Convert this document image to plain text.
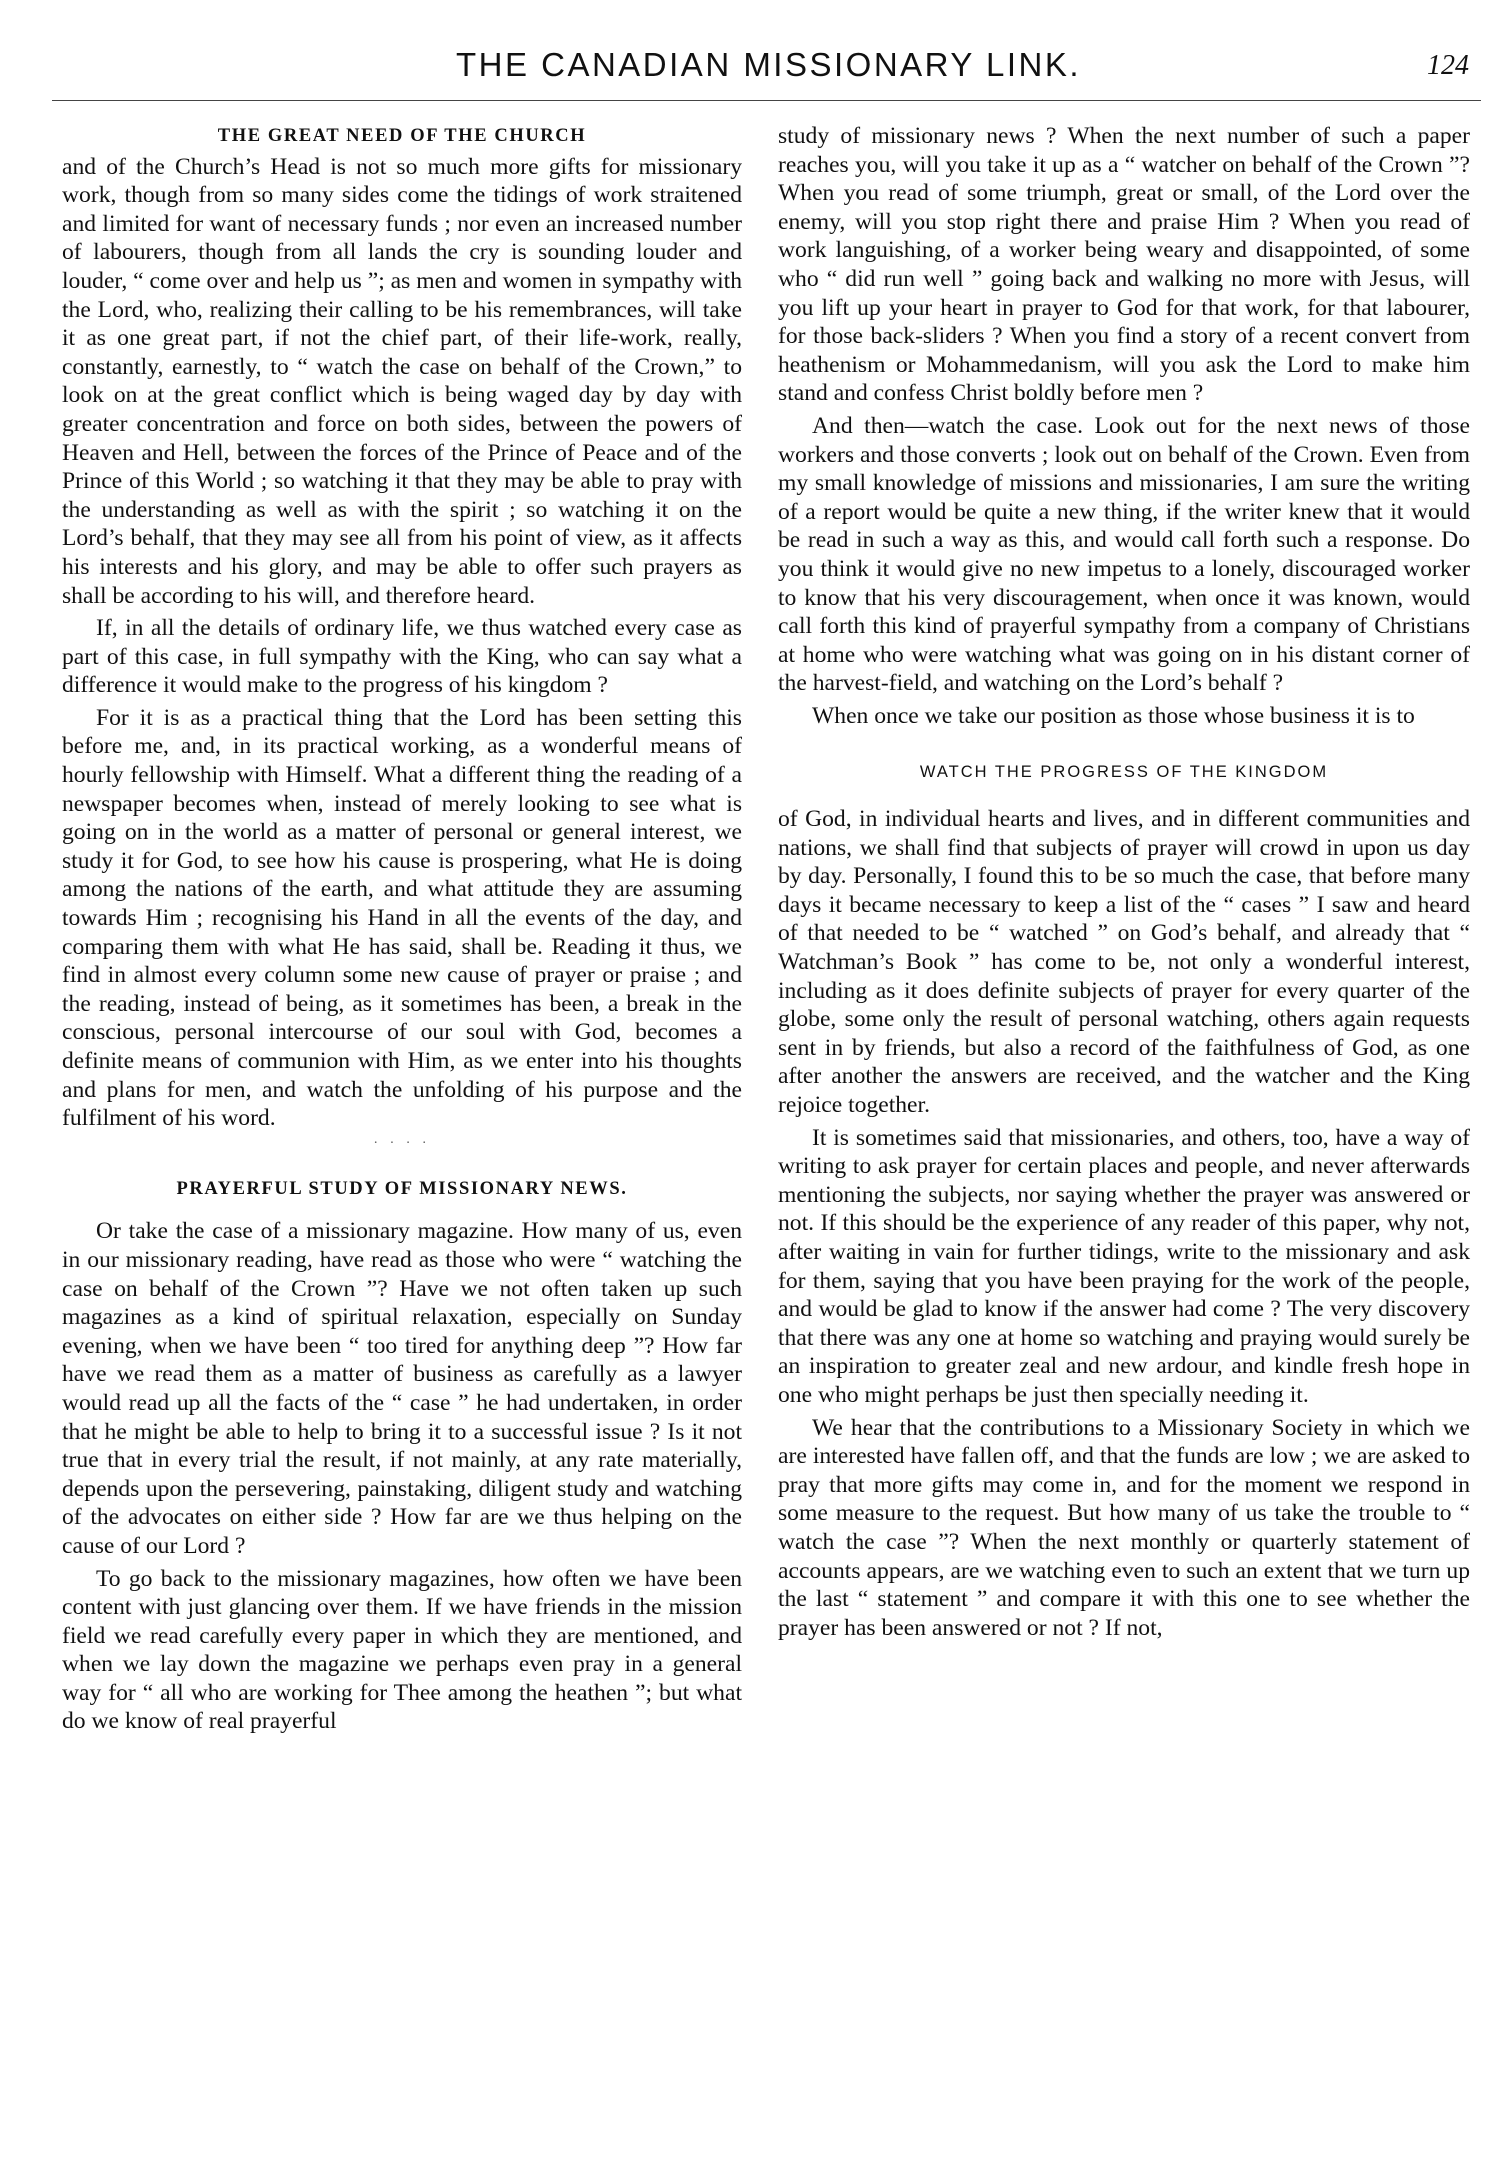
THE CANADIAN MISSIONARY LINK.	124
THE GREAT NEED OF THE CHURCH

and of the Church’s Head is not so much more gifts for missionary work, though from so many sides come the tidings of work straitened and limited for want of necessary funds ; nor even an increased number of labourers, though from all lands the cry is sounding louder and louder, “ come over and help us ”; as men and women in sympathy with the Lord, who, realizing their calling to be his remembrances, will take it as one great part, if not the chief part, of their life-work, really, constantly, earnestly, to “ watch the case on behalf of the Crown,” to look on at the great conflict which is being waged day by day with greater concentration and force on both sides, between the powers of Heaven and Hell, between the forces of the Prince of Peace and of the Prince of this World ; so watching it that they may be able to pray with the understanding as well as with the spirit ; so watching it on the Lord’s behalf, that they may see all from his point of view, as it affects his interests and his glory, and may be able to offer such prayers as shall be according to his will, and therefore heard.

If, in all the details of ordinary life, we thus watched every case as part of this case, in full sympathy with the King, who can say what a difference it would make to the progress of his kingdom ?

For it is as a practical thing that the Lord has been setting this before me, and, in its practical working, as a wonderful means of hourly fellowship with Himself. What a different thing the reading of a newspaper becomes when, instead of merely looking to see what is going on in the world as a matter of personal or general interest, we study it for God, to see how his cause is prospering, what He is doing among the nations of the earth, and what attitude they are assuming towards Him ; recognising his Hand in all the events of the day, and comparing them with what He has said, shall be. Reading it thus, we find in almost every column some new cause of prayer or praise ; and the reading, instead of being, as it sometimes has been, a break in the conscious, personal intercourse of our soul with God, becomes a definite means of communion with Him, as we enter into his thoughts and plans for men, and watch the unfolding of his purpose and the fulfilment of his word.

· · · ·
PRAYERFUL STUDY OF MISSIONARY NEWS.

Or take the case of a missionary magazine. How many of us, even in our missionary reading, have read as those who were “ watching the case on behalf of the Crown ”? Have we not often taken up such magazines as a kind of spiritual relaxation, especially on Sunday evening, when we have been “ too tired for anything deep ”? How far have we read them as a matter of business as carefully as a lawyer would read up all the facts of the “ case ” he had undertaken, in order that he might be able to help to bring it to a successful issue ? Is it not true that in every trial the result, if not mainly, at any rate materially, depends upon the persevering, painstaking, diligent study and watching of the advocates on either side ? How far are we thus helping on the cause of our Lord ?

To go back to the missionary magazines, how often we have been content with just glancing over them. If we have friends in the mission field we read carefully every paper in which they are mentioned, and when we lay down the magazine we perhaps even pray in a general way for “ all who are working for Thee among the heathen ”; but what do we know of real prayerful

study of missionary news ? When the next number of such a paper reaches you, will you take it up as a “ watcher on behalf of the Crown ”? When you read of some triumph, great or small, of the Lord over the enemy, will you stop right there and praise Him ? When you read of work languishing, of a worker being weary and disappointed, of some who “ did run well ” going back and walking no more with Jesus, will you lift up your heart in prayer to God for that work, for that labourer, for those back-sliders ? When you find a story of a recent convert from heathenism or Mohammedanism, will you ask the Lord to make him stand and confess Christ boldly before men ?

And then—watch the case. Look out for the next news of those workers and those converts ; look out on behalf of the Crown. Even from my small knowledge of missions and missionaries, I am sure the writing of a report would be quite a new thing, if the writer knew that it would be read in such a way as this, and would call forth such a response. Do you think it would give no new impetus to a lonely, discouraged worker to know that his very discouragement, when once it was known, would call forth this kind of prayerful sympathy from a company of Christians at home who were watching what was going on in his distant corner of the harvest-field, and watching on the Lord’s behalf ?

When once we take our position as those whose business it is to

WATCH THE PROGRESS OF THE KINGDOM

of God, in individual hearts and lives, and in different communities and nations, we shall find that subjects of prayer will crowd in upon us day by day. Personally, I found this to be so much the case, that before many days it became necessary to keep a list of the “ cases ” I saw and heard of that needed to be “ watched ” on God’s behalf, and already that “ Watchman’s Book ” has come to be, not only a wonderful interest, including as it does definite subjects of prayer for every quarter of the globe, some only the result of personal watching, others again requests sent in by friends, but also a record of the faithfulness of God, as one after another the answers are received, and the watcher and the King rejoice together.

It is sometimes said that missionaries, and others, too, have a way of writing to ask prayer for certain places and people, and never afterwards mentioning the subjects, nor saying whether the prayer was answered or not. If this should be the experience of any reader of this paper, why not, after waiting in vain for further tidings, write to the missionary and ask for them, saying that you have been praying for the work of the people, and would be glad to know if the answer had come ? The very discovery that there was any one at home so watching and praying would surely be an inspiration to greater zeal and new ardour, and kindle fresh hope in one who might perhaps be just then specially needing it.

We hear that the contributions to a Missionary Society in which we are interested have fallen off, and that the funds are low ; we are asked to pray that more gifts may come in, and for the moment we respond in some measure to the request. But how many of us take the trouble to “ watch the case ”? When the next monthly or quarterly statement of accounts appears, are we watching even to such an extent that we turn up the last “ statement ” and compare it with this one to see whether the prayer has been answered or not ? If not,
